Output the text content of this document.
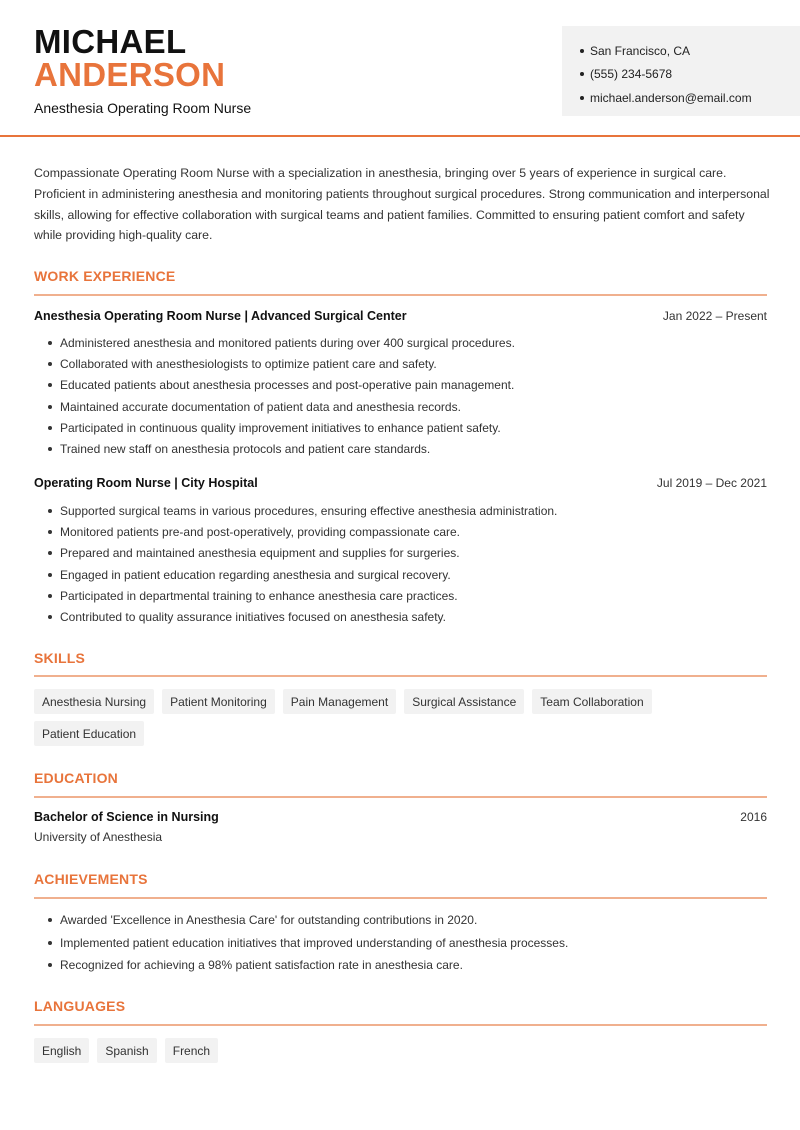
MICHAEL
ANDERSON
Anesthesia Operating Room Nurse
San Francisco, CA
(555) 234-5678
michael.anderson@email.com

Compassionate Operating Room Nurse with a specialization in anesthesia, bringing over 5 years of experience in surgical care. Proficient in administering anesthesia and monitoring patients throughout surgical procedures. Strong communication and interpersonal skills, allowing for effective collaboration with surgical teams and patient families. Committed to ensuring patient comfort and safety while providing high-quality care.

WORK EXPERIENCE
Anesthesia Operating Room Nurse | Advanced Surgical Center	Jan 2022 – Present
Administered anesthesia and monitored patients during over 400 surgical procedures.
Collaborated with anesthesiologists to optimize patient care and safety.
Educated patients about anesthesia processes and post-operative pain management.
Maintained accurate documentation of patient data and anesthesia records.
Participated in continuous quality improvement initiatives to enhance patient safety.
Trained new staff on anesthesia protocols and patient care standards.
Operating Room Nurse | City Hospital	Jul 2019 – Dec 2021
Supported surgical teams in various procedures, ensuring effective anesthesia administration.
Monitored patients pre-and post-operatively, providing compassionate care.
Prepared and maintained anesthesia equipment and supplies for surgeries.
Engaged in patient education regarding anesthesia and surgical recovery.
Participated in departmental training to enhance anesthesia care practices.
Contributed to quality assurance initiatives focused on anesthesia safety.
SKILLS
Anesthesia Nursing	Patient Monitoring	Pain Management	Surgical Assistance	Team Collaboration
Patient Education
EDUCATION
Bachelor of Science in Nursing	2016
University of Anesthesia
ACHIEVEMENTS
Awarded 'Excellence in Anesthesia Care' for outstanding contributions in 2020.
Implemented patient education initiatives that improved understanding of anesthesia processes.
Recognized for achieving a 98% patient satisfaction rate in anesthesia care.
LANGUAGES
English	Spanish	French
